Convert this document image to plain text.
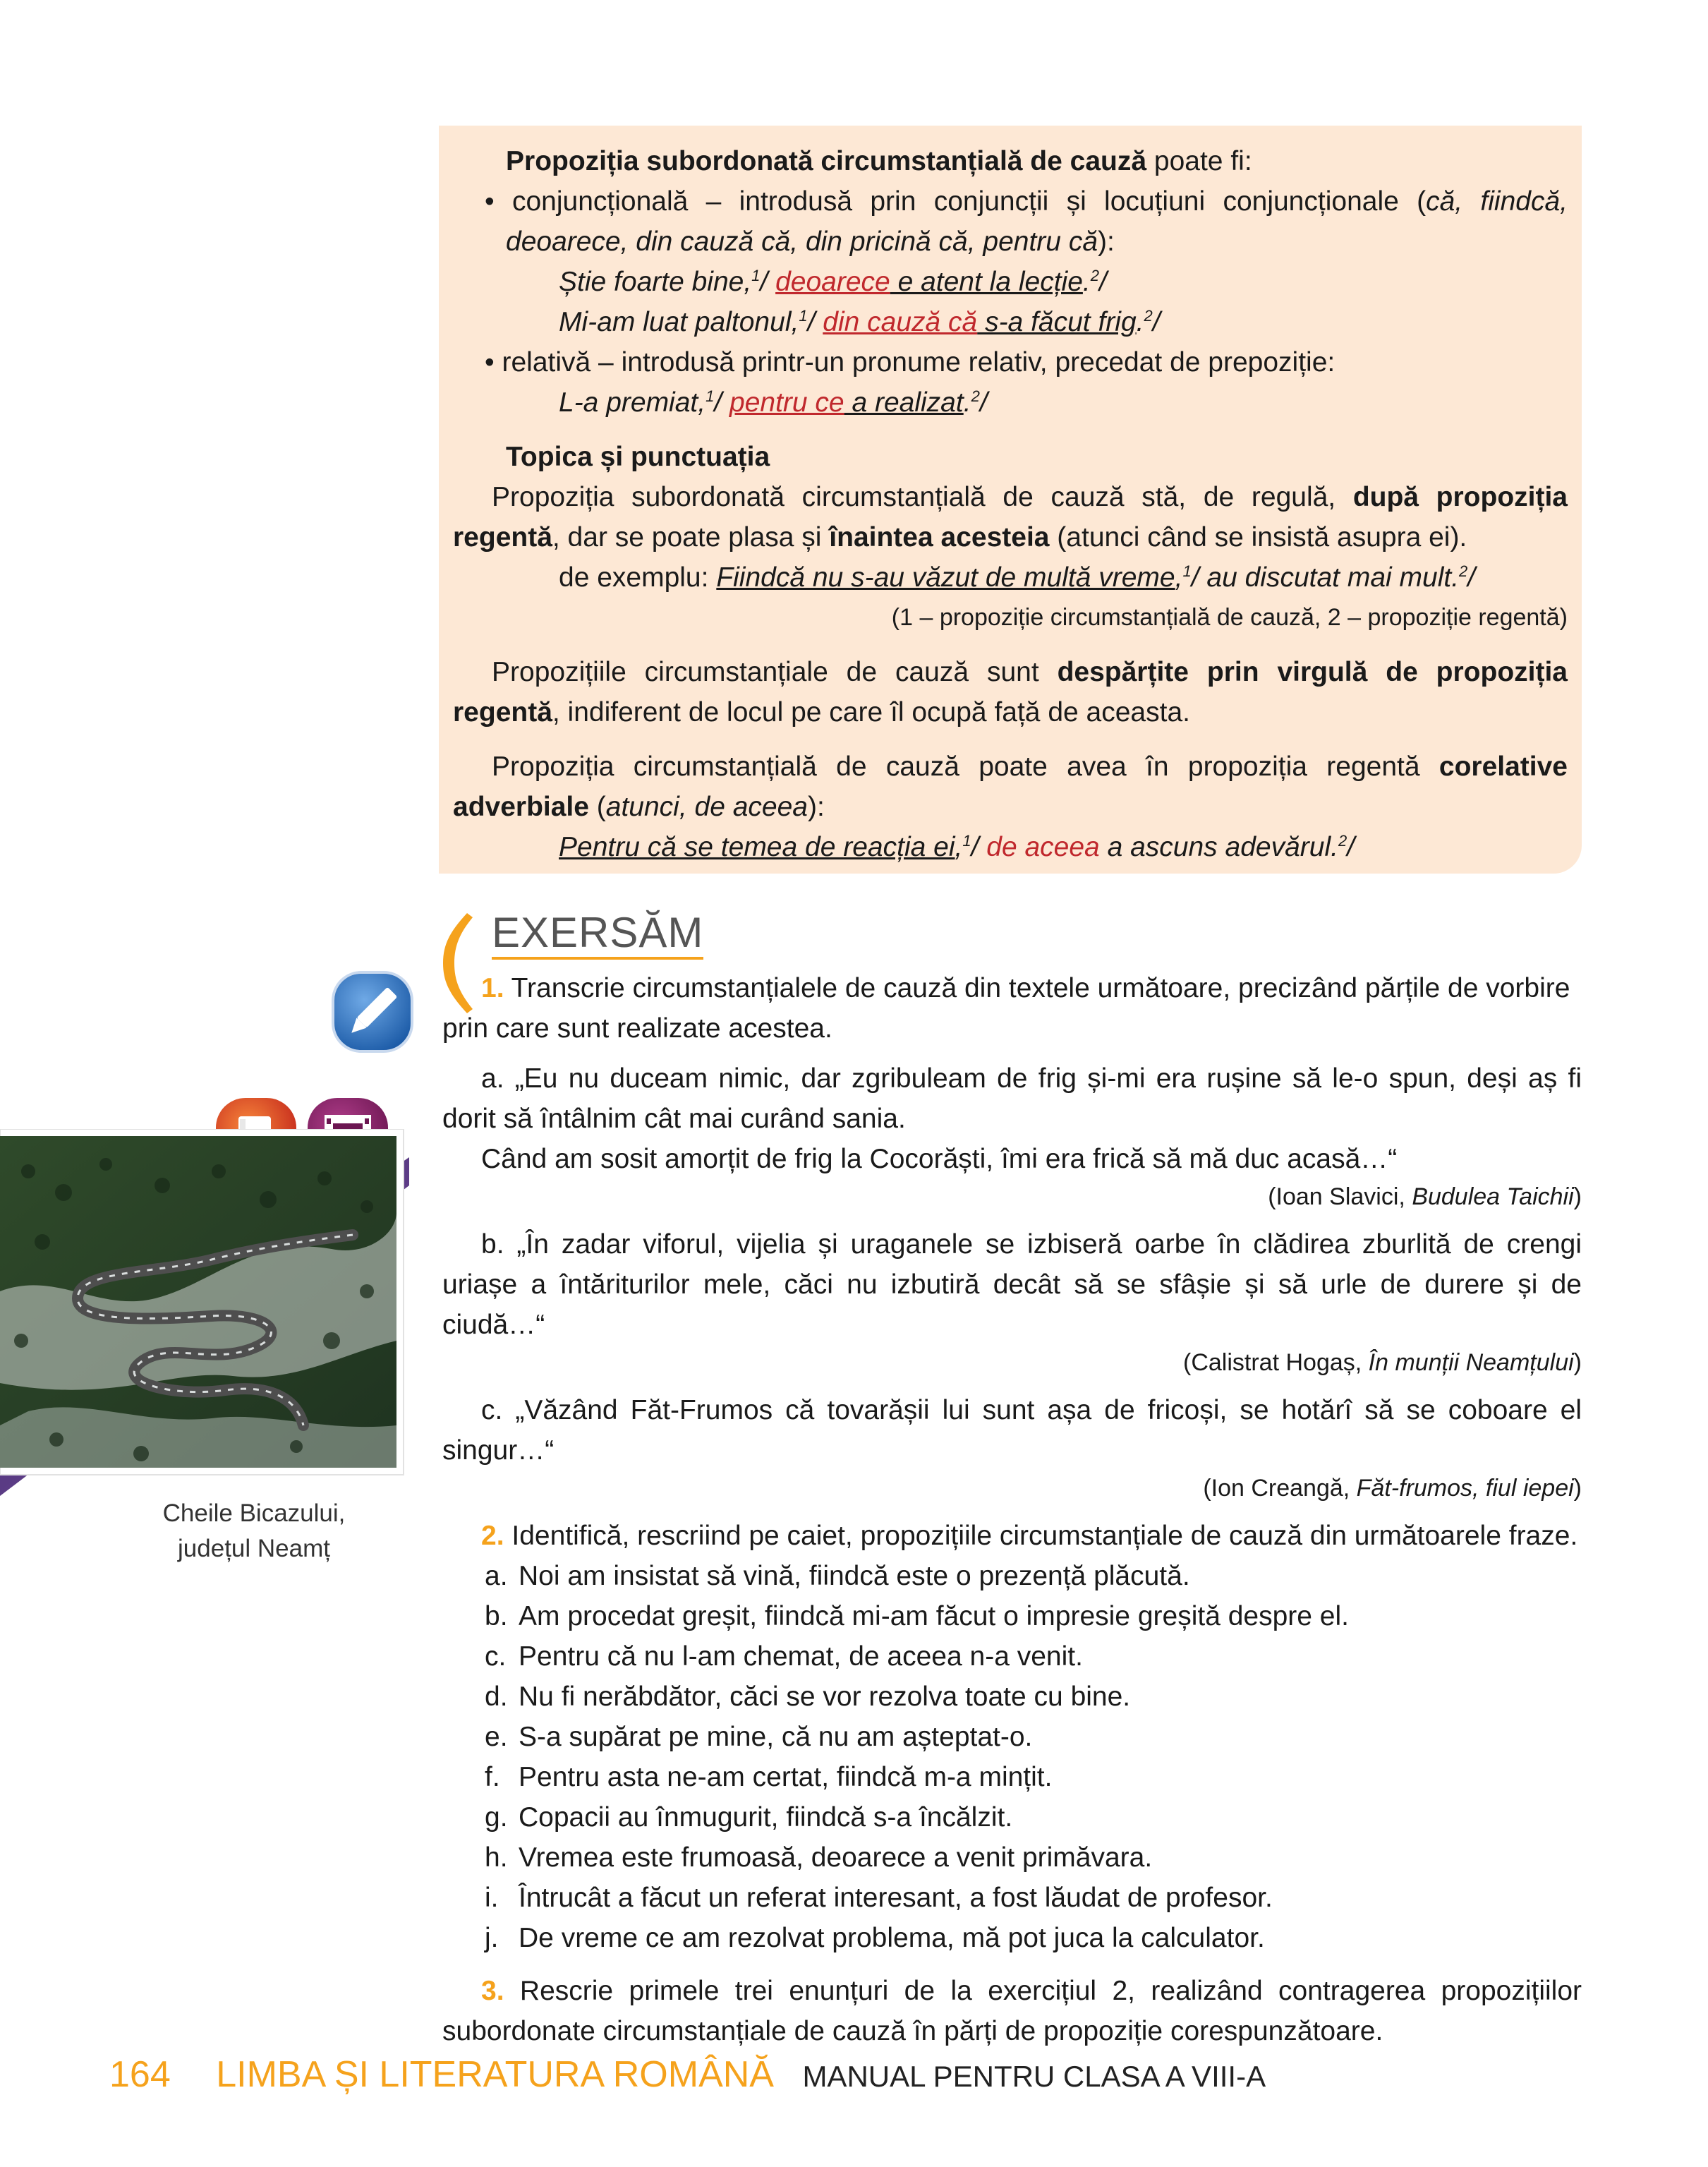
Propoziția subordonată circumstanțială de cauză poate fi:

• conjuncțională – introdusă prin conjuncții și locuțiuni conjuncționale (că, fiindcă, deoarece, din cauză că, din pricină că, pentru că):

Știe foarte bine,$^1$/ deoarece e atent la lecție.$^2$/

Mi-am luat paltonul,$^1$/ din cauză că s-a făcut frig.$^2$/

• relativă – introdusă printr-un pronume relativ, precedat de prepoziție:

L-a premiat,$^1$/ pentru ce a realizat.$^2$/

Topica și punctuația

Propoziția subordonată circumstanțială de cauză stă, de regulă, după propoziția regentă, dar se poate plasa și înaintea acesteia (atunci când se insistă asupra ei).

de exemplu: Fiindcă nu s-au văzut de multă vreme,$^1$/ au discutat mai mult.$^2$/

(1 – propoziție circumstanțială de cauză, 2 – propoziție regentă)

Propozițiile circumstanțiale de cauză sunt despărțite prin virgulă de propoziția regentă, indiferent de locul pe care îl ocupă față de aceasta.

Propoziția circumstanțială de cauză poate avea în propoziția regentă corelative adverbiale (atunci, de aceea):

Pentru că se temea de reacția ei,$^1$/ de aceea a ascuns adevărul.$^2$/

EXERSĂM
Cheile Bicazului,
județul Neamț

1. Transcrie circumstanțialele de cauză din textele următoare, precizând părțile de vorbire prin care sunt realizate acestea.

a. „Eu nu duceam nimic, dar zgribuleam de frig și-mi era rușine să le-o spun, deși aș fi dorit să întâlnim cât mai curând sania.

Când am sosit amorțit de frig la Cocorăști, îmi era frică să mă duc acasă…“

(Ioan Slavici, Budulea Taichii)

b. „În zadar viforul, vijelia și uraganele se izbiseră oarbe în clădirea zburlită de crengi uriașe a întăriturilor mele, căci nu izbutiră decât să se sfâșie și să urle de durere și de ciudă…“

(Calistrat Hogaș, În munții Neamțului)

c. „Văzând Făt-Frumos că tovarășii lui sunt așa de fricoși, se hotărî să se coboare el singur…“

(Ion Creangă, Făt-frumos, fiul iepei)

2. Identifică, rescriind pe caiet, propozițiile circumstanțiale de cauză din următoarele fraze.

a. Noi am insistat să vină, fiindcă este o prezență plăcută.

b. Am procedat greșit, fiindcă mi-am făcut o impresie greșită despre el.

c. Pentru că nu l-am chemat, de aceea n-a venit.

d. Nu fi nerăbdător, căci se vor rezolva toate cu bine.

e. S-a supărat pe mine, că nu am așteptat-o.

f. Pentru asta ne-am certat, fiindcă m-a mințit.

g. Copacii au înmugurit, fiindcă s-a încălzit.

h. Vremea este frumoasă, deoarece a venit primăvara.

i. Întrucât a făcut un referat interesant, a fost lăudat de profesor.

j. De vreme ce am rezolvat problema, mă pot juca la calculator.

3. Rescrie primele trei enunțuri de la exercițiul 2, realizând contragerea propozițiilor subordonate circumstanțiale de cauză în părți de propoziție corespunzătoare.

164 LIMBA ȘI LITERATURA ROMÂNĂ MANUAL PENTRU CLASA A VIII-A
